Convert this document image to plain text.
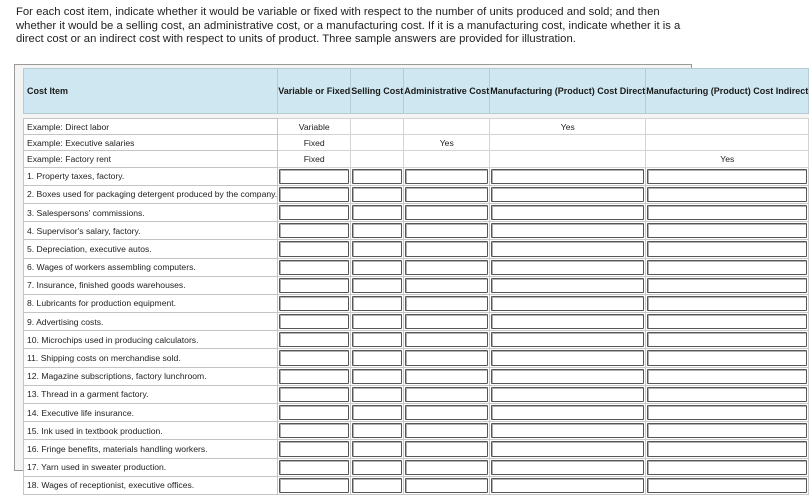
For each cost item, indicate whether it would be variable or fixed with respect to the number of units produced and sold; and then whether it would be a selling cost, an administrative cost, or a manufacturing cost. If it is a manufacturing cost, indicate whether it is a direct cost or an indirect cost with respect to units of product. Three sample answers are provided for illustration.
Cost Item	Variable or Fixed	Selling Cost	Administrative Cost	Manufacturing (Product) Cost Direct	Manufacturing (Product) Cost Indirect

Example: Direct labor	Variable			Yes	
Example: Executive salaries	Fixed		Yes		
Example: Factory rent	Fixed				Yes
1. Property taxes, factory.	

2. Boxes used for packaging detergent produced by the company.	

3. Salespersons' commissions.	

4. Supervisor's salary, factory.	

5. Depreciation, executive autos.	

6. Wages of workers assembling computers.	

7. Insurance, finished goods warehouses.	

8. Lubricants for production equipment.	

9. Advertising costs.	

10. Microchips used in producing calculators.	

11. Shipping costs on merchandise sold.	

12. Magazine subscriptions, factory lunchroom.	

13. Thread in a garment factory.	

14. Executive life insurance.	

15. Ink used in textbook production.	

16. Fringe benefits, materials handling workers.	

17. Yarn used in sweater production.	

18. Wages of receptionist, executive offices.	
